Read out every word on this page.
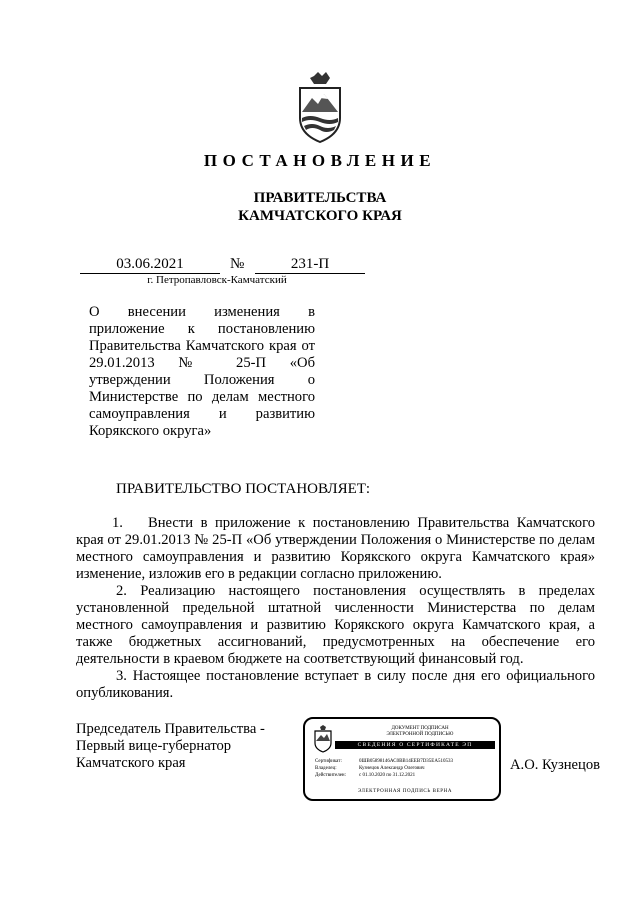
ПОСТАНОВЛЕНИЕ
ПРАВИТЕЛЬСТВА
КАМЧАТСКОГО КРАЯ
03.06.2021	№	231-П
г. Петропавловск-Камчатский
О внесении изменения в приложение к постановлению Правительства Камчатского края от 29.01.2013 № 25-П «Об утверждении Положения о Министерстве по делам местного самоуправления и развитию Корякского округа»
ПРАВИТЕЛЬСТВО ПОСТАНОВЛЯЕТ:
1. Внести в приложение к постановлению Правительства Камчатского края от 29.01.2013 № 25-П «Об утверждении Положения о Министерстве по делам местного самоуправления и развитию Корякского округа Камчатского края» изменение, изложив его в редакции согласно приложению.
2. Реализацию настоящего постановления осуществлять в пределах установленной предельной штатной численности Министерства по делам местного самоуправления и развитию Корякского округа Камчатского края, а также бюджетных ассигнований, предусмотренных на обеспечение его деятельности в краевом бюджете на соответствующий финансовый год.
3. Настоящее постановление вступает в силу после дня его официального опубликования.
Председатель Правительства -
Первый вице-губернатор
Камчатского края
ДОКУМЕНТ ПОДПИСАН
ЭЛЕКТРОННОЙ ПОДПИСЬЮ
СВЕДЕНИЯ О СЕРТИФИКАТЕ ЭП
Сертификат:	0ШВ05898146АС0ВВ14ЕЕВ7D35ЕА510533
Владелец:	Кузнецов Александр Олегович
Действителен:	с 01.10.2020 по 31.12.2021
ЭЛЕКТРОННАЯ ПОДПИСЬ ВЕРНА
А.О. Кузнецов
